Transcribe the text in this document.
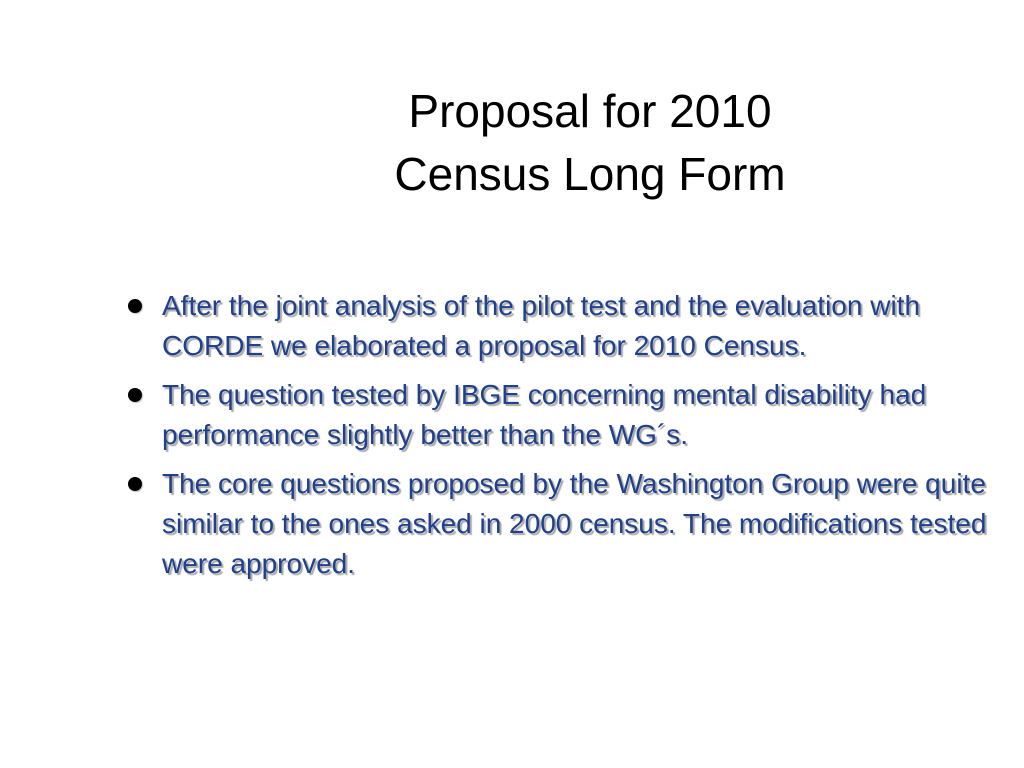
Proposal for 2010
Census Long Form
After the joint analysis of the pilot test and the evaluation with CORDE we elaborated a proposal for 2010 Census.
The question tested by IBGE concerning mental disability had performance slightly better than the WG´s.
The core questions proposed by the Washington Group were quite similar to the ones asked in 2000 census. The modifications tested were approved.
